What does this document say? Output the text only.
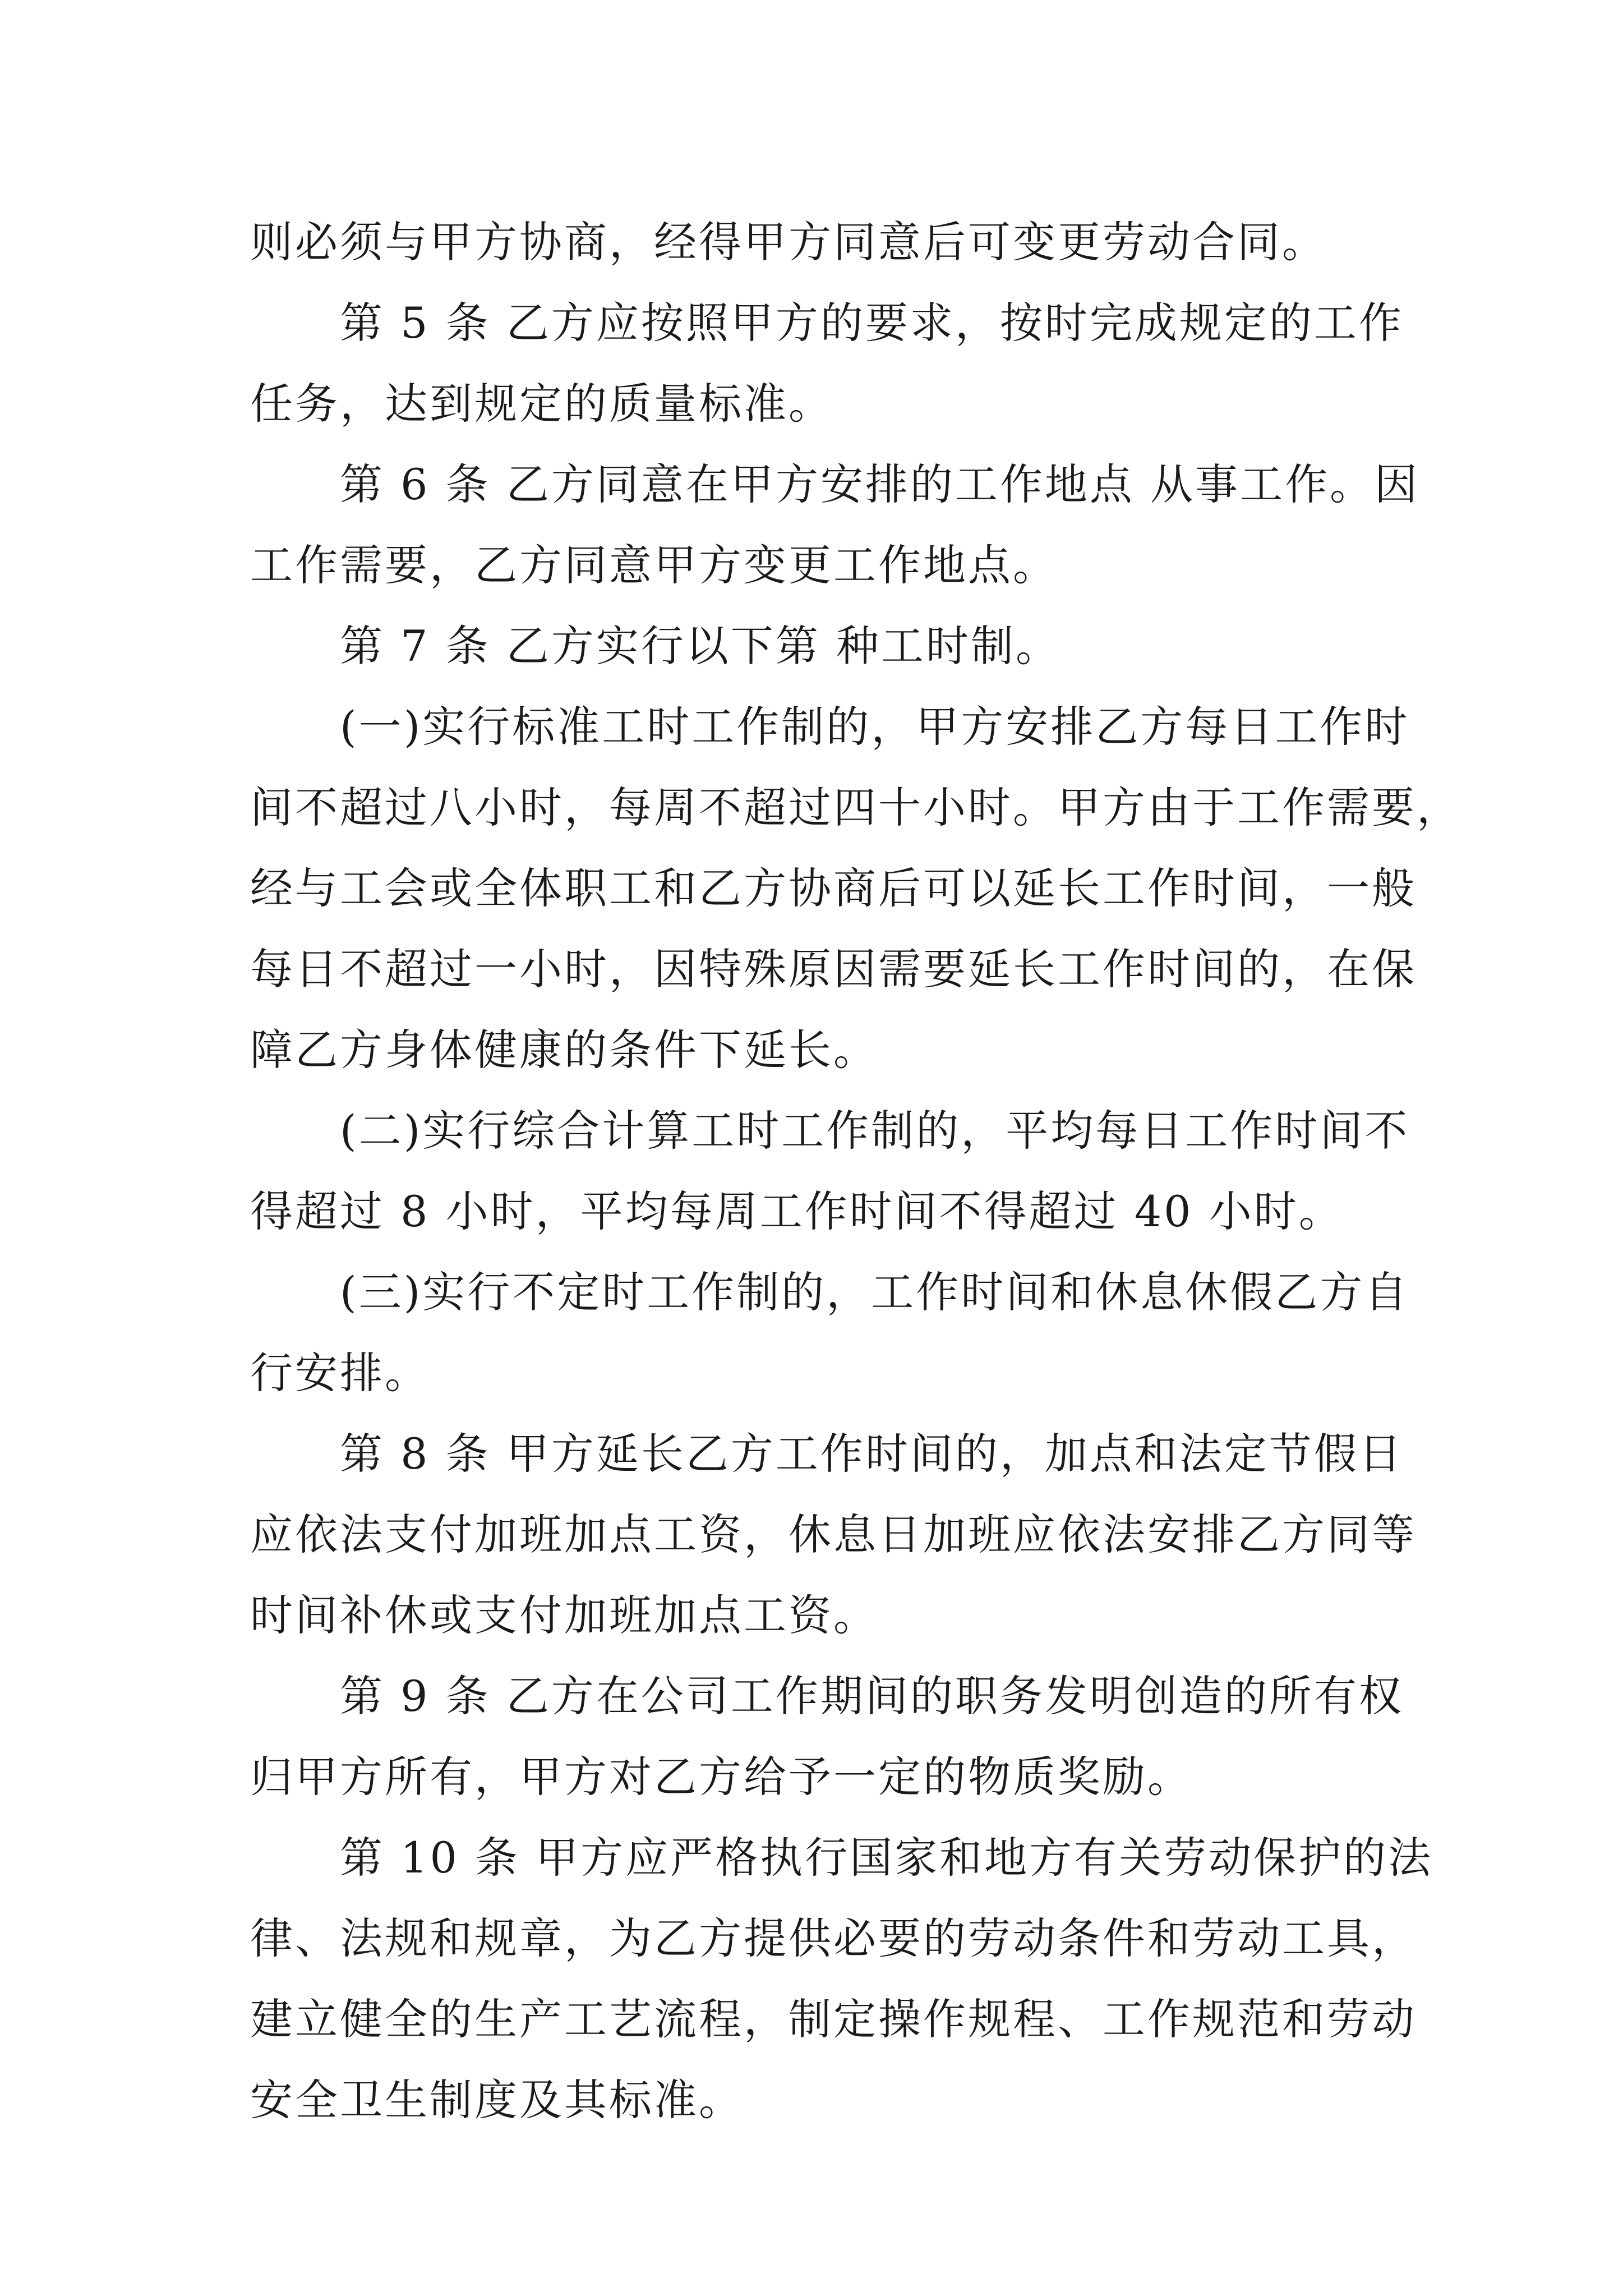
则必须与甲方协商，经得甲方同意后可变更劳动合同。
第 5 条 乙方应按照甲方的要求，按时完成规定的工作
任务，达到规定的质量标准。
第 6 条 乙方同意在甲方安排的工作地点 从事工作。因
工作需要，乙方同意甲方变更工作地点。
第 7 条 乙方实行以下第 种工时制。
(一)实行标准工时工作制的，甲方安排乙方每日工作时
间不超过八小时，每周不超过四十小时。甲方由于工作需要，
经与工会或全体职工和乙方协商后可以延长工作时间，一般
每日不超过一小时，因特殊原因需要延长工作时间的，在保
障乙方身体健康的条件下延长。
(二)实行综合计算工时工作制的，平均每日工作时间不
得超过 8 小时，平均每周工作时间不得超过 40 小时。
(三)实行不定时工作制的，工作时间和休息休假乙方自
行安排。
第 8 条 甲方延长乙方工作时间的，加点和法定节假日
应依法支付加班加点工资，休息日加班应依法安排乙方同等
时间补休或支付加班加点工资。
第 9 条 乙方在公司工作期间的职务发明创造的所有权
归甲方所有，甲方对乙方给予一定的物质奖励。
第 10 条 甲方应严格执行国家和地方有关劳动保护的法
律、法规和规章，为乙方提供必要的劳动条件和劳动工具，
建立健全的生产工艺流程，制定操作规程、工作规范和劳动
安全卫生制度及其标准。
